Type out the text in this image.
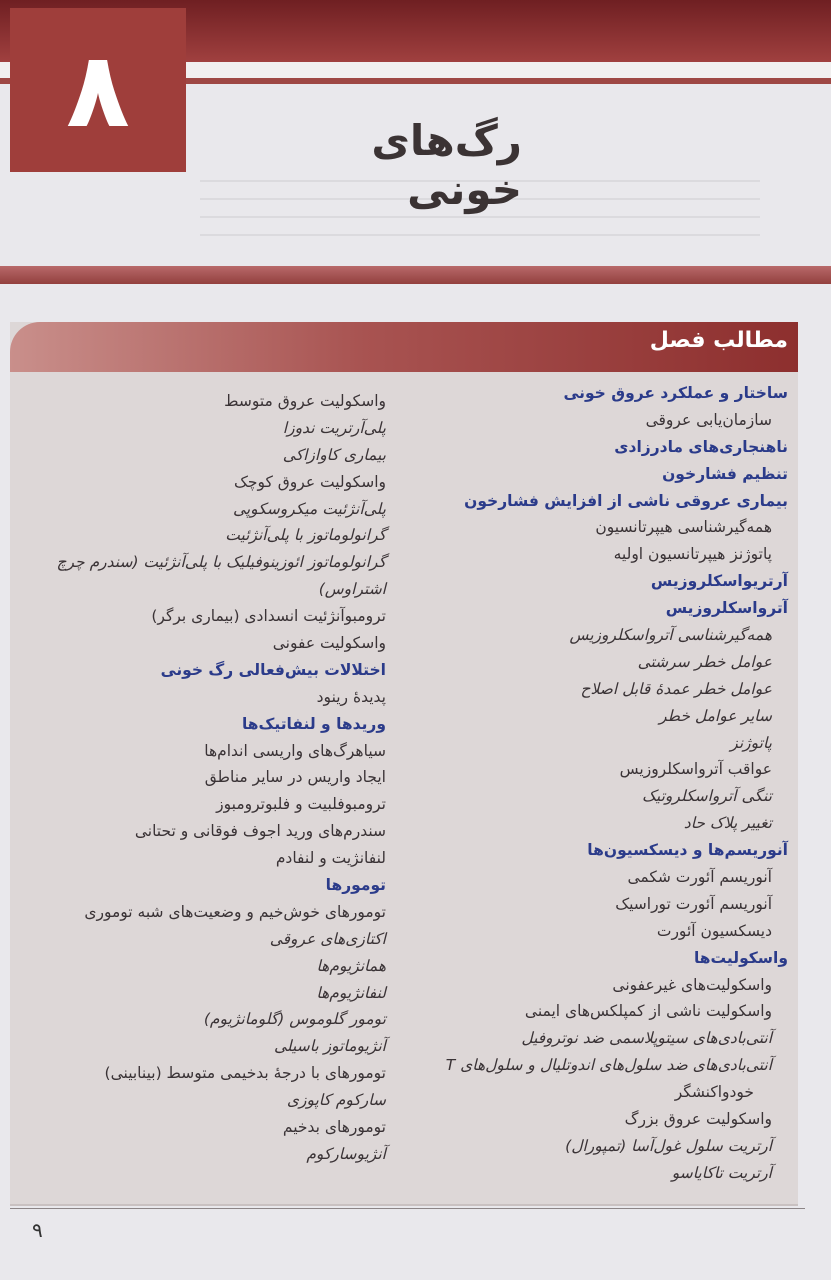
۸	رگ‌های خونی
مطالب فصل
ساختار و عملکرد عروق خونی
سازمان‌یابی عروقی
ناهنجاری‌های مادرزادی
تنظیم فشارخون
بیماری عروقی ناشی از افزایش فشارخون
همه‌گیرشناسی هیپرتانسیون
پاتوژنز هیپرتانسیون اولیه
آرتریواسکلروزیس
آترواسکلروزیس
همه‌گیرشناسی آترواسکلروزیس
عوامل خطر سرشتی
عوامل خطر عمدهٔ قابل اصلاح
سایر عوامل خطر
پاتوژنز
عواقب آترواسکلروزیس
تنگی آترواسکلروتیک
تغییر پلاک حاد
آنوریسم‌ها و دیسکسیون‌ها
آنوریسم آئورت شکمی
آنوریسم آئورت توراسیک
دیسکسیون آئورت
واسکولیت‌ها
واسکولیت‌های غیرعفونی
واسکولیت ناشی از کمپلکس‌های ایمنی
آنتی‌بادی‌های سیتوپلاسمی ضد نوتروفیل
آنتی‌بادی‌های ضد سلول‌های اندوتلیال و سلول‌های T
خودواکنشگر
واسکولیت عروق بزرگ
آرتریت سلول غول‌آسا (تمپورال)
آرتریت تاکایاسو
واسکولیت عروق متوسط
پلی‌آرتریت ندوزا
بیماری کاوازاکی
واسکولیت عروق کوچک
پلی‌آنژئیت میکروسکوپی
گرانولوماتوز با پلی‌آنژئیت
گرانولوماتوز ائوزینوفیلیک با پلی‌آنژئیت (سندرم چرچ
اشتراوس)
ترومبوآنژئیت انسدادی (بیماری برگر)
واسکولیت عفونی
اختلالات بیش‌فعالی رگ خونی
پدیدهٔ رینود
وریدها و لنفاتیک‌ها
سیاهرگ‌های واریسی اندام‌ها
ایجاد واریس در سایر مناطق
ترومبوفلبیت و فلبوترومبوز
سندرم‌های ورید اجوف فوقانی و تحتانی
لنفانژیت و لنفادم
تومورها
تومورهای خوش‌خیم و وضعیت‌های شبه توموری
اکتازی‌های عروقی
همانژیوم‌ها
لنفانژیوم‌ها
تومور گلوموس (گلومانژیوم)
آنژیوماتوز باسیلی
تومورهای با درجهٔ بدخیمی متوسط (بینابینی)
سارکوم کاپوزی
تومورهای بدخیم
آنژیوسارکوم
۹
